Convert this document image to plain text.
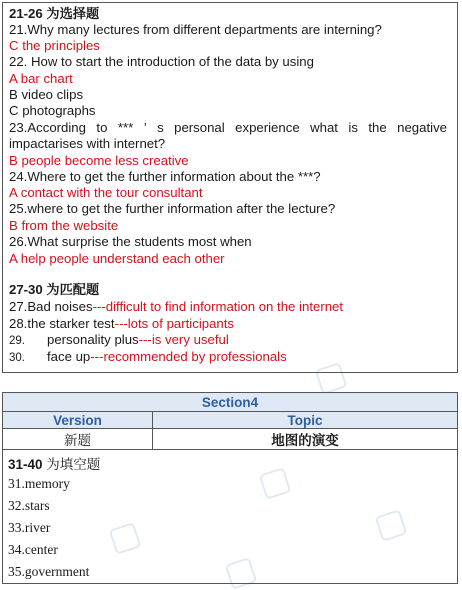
21-26 为选择题
21.Why many lectures from different departments are interning?
C the principles
22. How to start the introduction of the data by using
A bar chart
B video clips
C photographs
23.According to *** ’ s personal experience what is the negative
impactarises with internet?
B people become less creative
24.Where to get the further information about the ***?
A contact with the tour consultant
25.where to get the further information after the lecture?
B from the website
26.What surprise the students most when
A help people understand each other
27-30 为匹配题
27.Bad noises---difficult to find information on the internet
28.the starker test---lots of participants
29. personality plus---is very useful
30. face up---recommended by professionals
Section4
Version	Topic
新题	地图的演变
31-40 为填空题
31.memory
32.stars
33.river
34.center
35.government
